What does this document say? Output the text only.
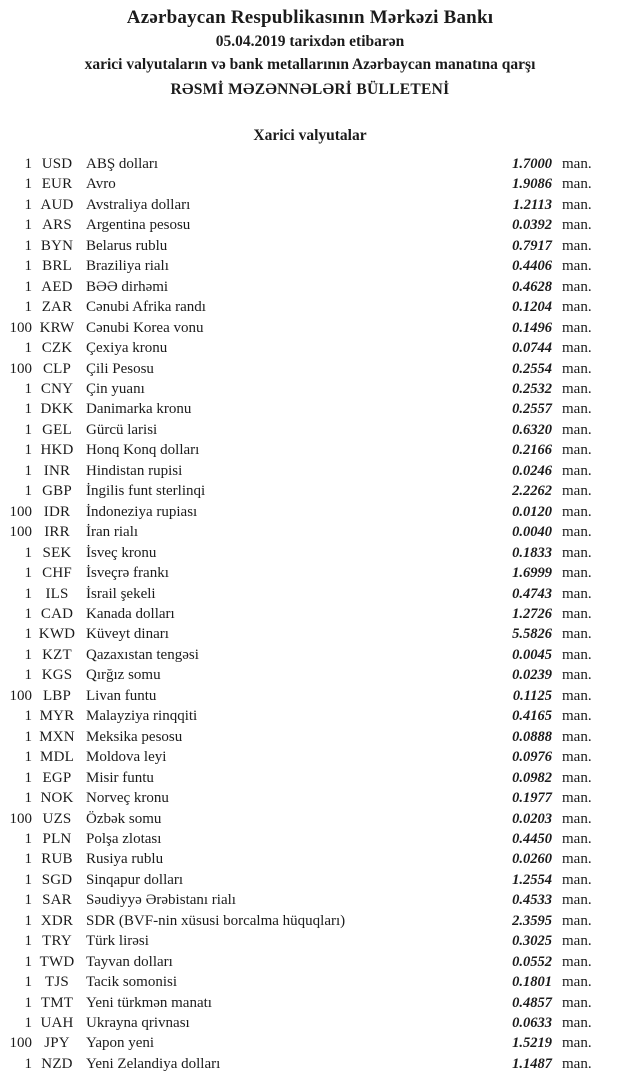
Azərbaycan Respublikasının Mərkəzi Bankı
05.04.2019 tarixdən etibarən
xarici valyutaların və bank metallarının Azərbaycan manatına qarşı
RƏSMİ MƏZƏNNƏLƏRİ BÜLLETENİ
Xarici valyutalar
1 USD ABŞ dolları	1.7000 man.
1 EUR Avro	1.9086 man.
1 AUD Avstraliya dolları	1.2113 man.
1 ARS Argentina pesosu	0.0392 man.
1 BYN Belarus rublu	0.7917 man.
1 BRL Braziliya rialı	0.4406 man.
1 AED BƏƏ dirhəmi	0.4628 man.
1 ZAR Cənubi Afrika randı	0.1204 man.
100 KRW Cənubi Korea vonu	0.1496 man.
1 CZK Çexiya kronu	0.0744 man.
100 CLP Çili Pesosu	0.2554 man.
1 CNY Çin yuanı	0.2532 man.
1 DKK Danimarka kronu	0.2557 man.
1 GEL Gürcü larisi	0.6320 man.
1 HKD Honq Konq dolları	0.2166 man.
1 INR	Hindistan rupisi	0.0246 man.
1 GBP İngilis funt sterlinqi	2.2262 man.
100 IDR	İndoneziya rupiası	0.0120 man.
100 IRR	İran rialı	0.0040 man.
1 SEK İsveç kronu	0.1833 man.
1 CHF İsveçrə frankı	1.6999 man.
1 ILS	İsrail şekeli	0.4743 man.
1 CAD Kanada dolları	1.2726 man.
1 KWD Küveyt dinarı	5.5826 man.
1 KZT Qazaxıstan tengəsi	0.0045 man.
1 KGS Qırğız somu	0.0239 man.
100 LBP Livan funtu	0.1125 man.
1 MYR Malayziya rinqqiti	0.4165 man.
1 MXN Meksika pesosu	0.0888 man.
1 MDL Moldova leyi	0.0976 man.
1 EGP Misir funtu	0.0982 man.
1 NOK Norveç kronu	0.1977 man.
100 UZS Özbək somu	0.0203 man.
1 PLN Polşa zlotası	0.4450 man.
1 RUB Rusiya rublu	0.0260 man.
1 SGD Sinqapur dolları	1.2554 man.
1 SAR Səudiyyə Ərəbistanı rialı	0.4533 man.
1 XDR SDR (BVF-nin xüsusi borcalma hüquqları)	2.3595 man.
1 TRY Türk lirəsi	0.3025 man.
1 TWD Tayvan dolları	0.0552 man.
1 TJS	Tacik somonisi	0.1801 man.
1 TMT Yeni türkmən manatı	0.4857 man.
1 UAH Ukrayna qrivnası	0.0633 man.
100 JPY	Yapon yeni	1.5219 man.
1 NZD Yeni Zelandiya dolları	1.1487 man.
